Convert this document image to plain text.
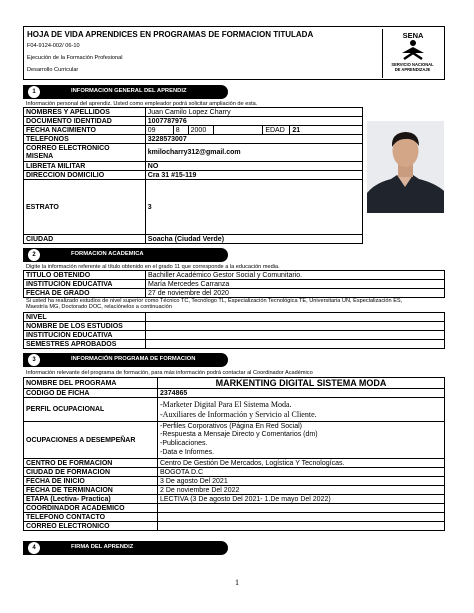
HOJA DE VIDA APRENDICES EN PROGRAMAS DE FORMACION TITULADA
F04-9124-002/ 06-10
Ejecución de la Formación Profesional
Desarrollo Curricular
SENA
SERVICIO NACIONAL
DE APRENDIZAJE
1	INFORMACION GENERAL DEL APRENDIZ
Información personal del aprendiz. Usted como empleador podrá solicitar ampliación de esta.
NOMBRES Y APELLIDOS	Juan Camilo Lopez Charry					
DOCUMENTO IDENTIDAD	1007787976					
FECHA NACIMIENTO	09	8	2000		EDAD	21
TELEFONOS	3228573007					

CORREO ELECTRONICO
MISENA	kmilocharry312@gmail.com					
LIBRETA MILITAR	NO					
DIRECCION DOMICILIO	Cra 31 #15-119					
ESTRATO	3					
CIUDAD	Soacha (Ciudad Verde)					
2	FORMACION ACADEMICA
Digite la información referente al título obtenido en el grado 11 que corresponde a la educación media.
TITULO OBTENIDO	Bachiller Académico Gestor Social y Comunitario.
INSTITUCIÓN EDUCATIVA	María Mercedes Carranza
FECHA DE GRADO	27 de noviembre del 2020
Si usted ha realizado estudios de nivel superior como Técnico TC, Tecnólogo TL, Especialización Tecnológica TE, Universitaria UN, Especialización ES,
Maestría MG, Doctorado DOC, relaciónelos a continuación
NIVEL	
NOMBRE DE LOS ESTUDIOS	
INSTITUCIÓN EDUCATIVA	
SEMESTRES APROBADOS	
3	INFORMACIÓN PROGRAMA DE FORMACION
Información relevante del programa de formación, para más información podrá contactar al Coordinador Académico
NOMBRE DEL PROGRAMA	MARKENTING DIGITAL SISTEMA MODA
CODIGO DE FICHA	2374865
PERFIL OCUPACIONAL	-Marketer Digital Para El Sistema Moda.
-Auxiliares de Información y Servicio al Cliente.

OCUPACIONES A DESEMPEÑAR	-Perfiles Corporativos (Página En Red Social)
-Respuesta a Mensaje Directo y Comentarios (dm)
-Publicaciones.
-Data e Informes.

CENTRO DE FORMACION	Centro De Gestión De Mercados, Logística Y Tecnologícas.
CIUDAD DE FORMACION	BOGOTA D.C
FECHA DE INICIO	3 De agosto Del 2021
FECHA DE TERMINACION	2 De noviembre Del 2022
ETAPA (Lectiva- Practica)	LECTIVA (3 De agosto Del 2021- 1.De mayo Del 2022)
COORDINADOR ACADEMICO	
TELEFONO CONTACTO	
CORREO ELECTRONICO	
4	FIRMA DEL APRENDIZ
1
